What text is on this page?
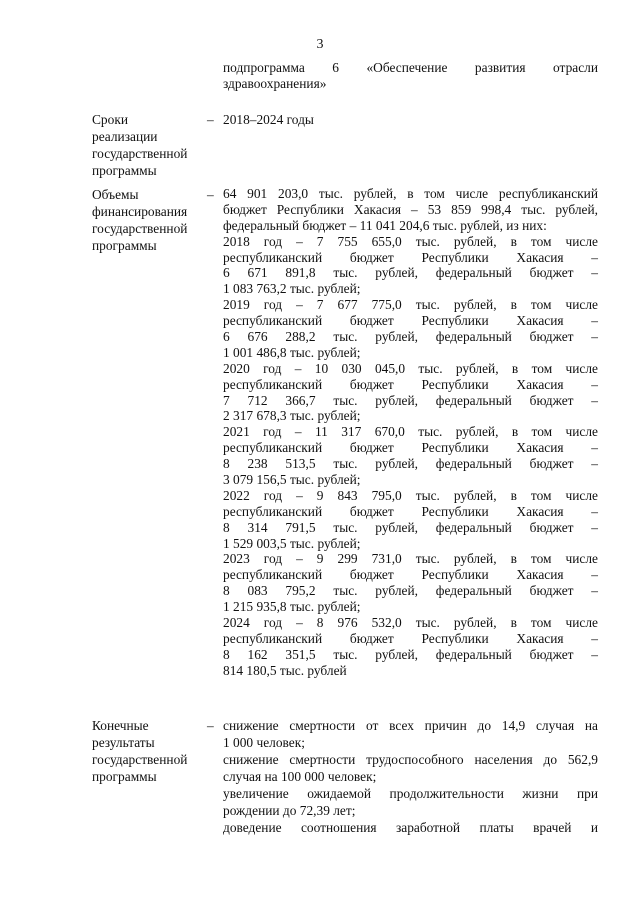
3
подпрограмма 6 «Обеспечение развития отрасли
здравоохранения»
Сроки
реализации
государственной
программы
– 2018–2024 годы
Объемы
финансирования
государственной
программы
– 64 901 203,0 тыс. рублей, в том числе республиканский
бюджет Республики Хакасия – 53 859 998,4 тыс. рублей,
федеральный бюджет – 11 041 204,6 тыс. рублей, из них:
2018 год – 7 755 655,0 тыс. рублей, в том числе
республиканский бюджет Республики Хакасия –
6 671 891,8 тыс. рублей, федеральный бюджет –
1 083 763,2 тыс. рублей;
2019 год – 7 677 775,0 тыс. рублей, в том числе
республиканский бюджет Республики Хакасия –
6 676 288,2 тыс. рублей, федеральный бюджет –
1 001 486,8 тыс. рублей;
2020 год – 10 030 045,0 тыс. рублей, в том числе
республиканский бюджет Республики Хакасия –
7 712 366,7 тыс. рублей, федеральный бюджет –
2 317 678,3 тыс. рублей;
2021 год – 11 317 670,0 тыс. рублей, в том числе
республиканский бюджет Республики Хакасия –
8 238 513,5 тыс. рублей, федеральный бюджет –
3 079 156,5 тыс. рублей;
2022 год – 9 843 795,0 тыс. рублей, в том числе
республиканский бюджет Республики Хакасия –
8 314 791,5 тыс. рублей, федеральный бюджет –
1 529 003,5 тыс. рублей;
2023 год – 9 299 731,0 тыс. рублей, в том числе
республиканский бюджет Республики Хакасия –
8 083 795,2 тыс. рублей, федеральный бюджет –
1 215 935,8 тыс. рублей;
2024 год – 8 976 532,0 тыс. рублей, в том числе
республиканский бюджет Республики Хакасия –
8 162 351,5 тыс. рублей, федеральный бюджет –
814 180,5 тыс. рублей
Конечные
результаты
государственной
программы
– снижение смертности от всех причин до 14,9 случая на
1 000 человек;
снижение смертности трудоспособного населения до 562,9
случая на 100 000 человек;
увеличение ожидаемой продолжительности жизни при
рождении до 72,39 лет;
доведение соотношения заработной платы врачей и
